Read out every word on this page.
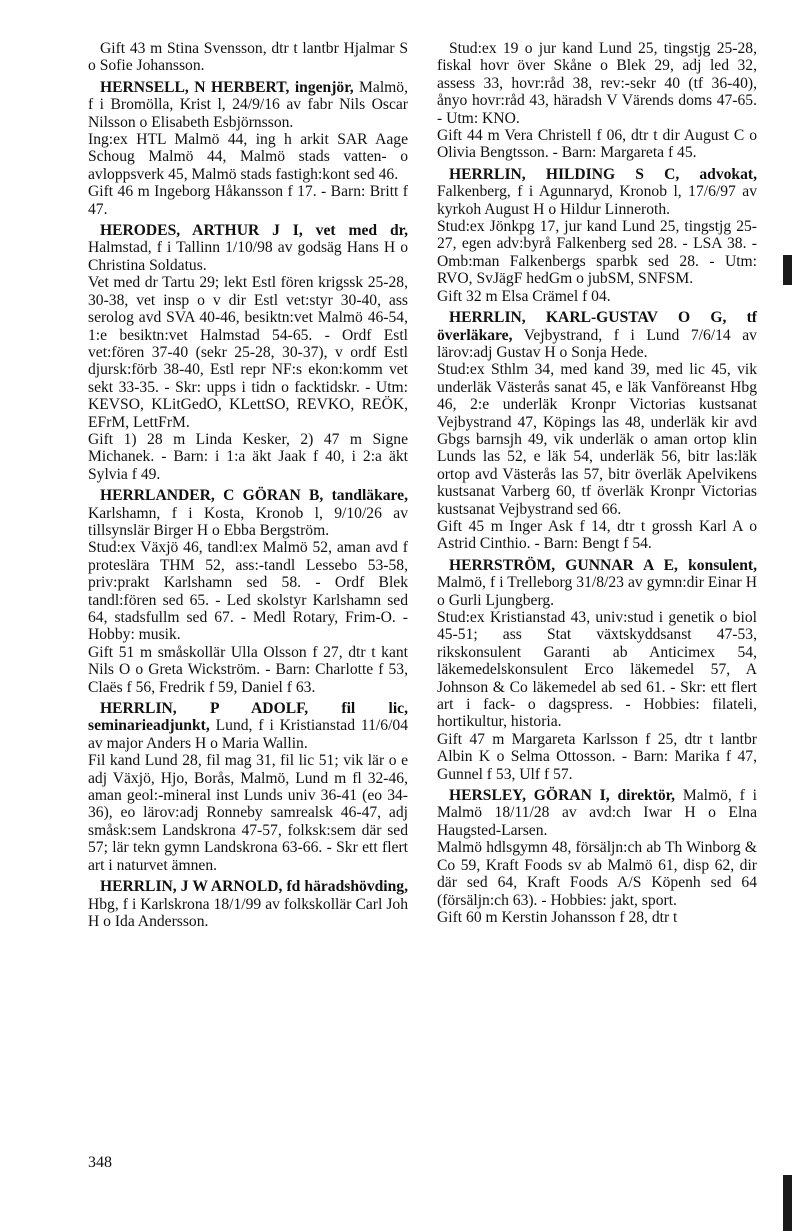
Gift 43 m Stina Svensson, dtr t lantbr Hjalmar S o Sofie Johansson.

HERNSELL, N HERBERT, ingenjör, Malmö, f i Bromölla, Krist l, 24/9/16 av fabr Nils Oscar Nilsson o Elisabeth Esbjörnsson.

Ing:ex HTL Malmö 44, ing h arkit SAR Aage Schoug Malmö 44, Malmö stads vatten- o avloppsverk 45, Malmö stads fastigh:kont sed 46.

Gift 46 m Ingeborg Håkansson f 17. - Barn: Britt f 47.

HERODES, ARTHUR J I, vet med dr, Halmstad, f i Tallinn 1/10/98 av godsäg Hans H o Christina Soldatus.

Vet med dr Tartu 29; lekt Estl fören krigssk 25-28, 30-38, vet insp o v dir Estl vet:styr 30-40, ass serolog avd SVA 40-46, besiktn:vet Malmö 46-54, 1:e besiktn:vet Halmstad 54-65. - Ordf Estl vet:fören 37-40 (sekr 25-28, 30-37), v ordf Estl djursk:förb 38-40, Estl repr NF:s ekon:komm vet sekt 33-35. - Skr: upps i tidn o facktidskr. - Utm: KEVSO, KLitGedO, KLettSO, REVKO, REÖK, EFrM, LettFrM.

Gift 1) 28 m Linda Kesker, 2) 47 m Signe Michanek. - Barn: i 1:a äkt Jaak f 40, i 2:a äkt Sylvia f 49.

HERRLANDER, C GÖRAN B, tandläkare, Karlshamn, f i Kosta, Kronob l, 9/10/26 av tillsynslär Birger H o Ebba Bergström.

Stud:ex Växjö 46, tandl:ex Malmö 52, aman avd f proteslära THM 52, ass:-tandl Lessebo 53-58, priv:prakt Karlshamn sed 58. - Ordf Blek tandl:fören sed 65. - Led skolstyr Karlshamn sed 64, stadsfullm sed 67. - Medl Rotary, Frim-O. - Hobby: musik.

Gift 51 m småskollär Ulla Olsson f 27, dtr t kant Nils O o Greta Wickström. - Barn: Charlotte f 53, Claës f 56, Fredrik f 59, Daniel f 63.

HERRLIN, P ADOLF, fil lic, seminarieadjunkt, Lund, f i Kristianstad 11/6/04 av major Anders H o Maria Wallin.

Fil kand Lund 28, fil mag 31, fil lic 51; vik lär o e adj Växjö, Hjo, Borås, Malmö, Lund m fl 32-46, aman geol:-mineral inst Lunds univ 36-41 (eo 34-36), eo lärov:adj Ronneby samrealsk 46-47, adj småsk:sem Landskrona 47-57, folksk:sem där sed 57; lär tekn gymn Landskrona 63-66. - Skr ett flert art i naturvet ämnen.

HERRLIN, J W ARNOLD, fd häradshövding, Hbg, f i Karlskrona 18/1/99 av folkskollär Carl Joh H o Ida Andersson.

Stud:ex 19 o jur kand Lund 25, tingstjg 25-28, fiskal hovr över Skåne o Blek 29, adj led 32, assess 33, hovr:råd 38, rev:-sekr 40 (tf 36-40), ånyo hovr:råd 43, häradsh V Värends doms 47-65. - Utm: KNO.

Gift 44 m Vera Christell f 06, dtr t dir August C o Olivia Bengtsson. - Barn: Margareta f 45.

HERRLIN, HILDING S C, advokat, Falkenberg, f i Agunnaryd, Kronob l, 17/6/97 av kyrkoh August H o Hildur Linneroth.

Stud:ex Jönkpg 17, jur kand Lund 25, tingstjg 25-27, egen adv:byrå Falkenberg sed 28. - LSA 38. - Omb:man Falkenbergs sparbk sed 28. - Utm: RVO, SvJägF hedGm o jubSM, SNFSM.

Gift 32 m Elsa Crämel f 04.

HERRLIN, KARL-GUSTAV O G, tf överläkare, Vejbystrand, f i Lund 7/6/14 av lärov:adj Gustav H o Sonja Hede.

Stud:ex Sthlm 34, med kand 39, med lic 45, vik underläk Västerås sanat 45, e läk Vanföreanst Hbg 46, 2:e underläk Kronpr Victorias kustsanat Vejbystrand 47, Köpings las 48, underläk kir avd Gbgs barnsjh 49, vik underläk o aman ortop klin Lunds las 52, e läk 54, underläk 56, bitr las:läk ortop avd Västerås las 57, bitr överläk Apelvikens kustsanat Varberg 60, tf överläk Kronpr Victorias kustsanat Vejbystrand sed 66.

Gift 45 m Inger Ask f 14, dtr t grossh Karl A o Astrid Cinthio. - Barn: Bengt f 54.

HERRSTRÖM, GUNNAR A E, konsulent, Malmö, f i Trelleborg 31/8/23 av gymn:dir Einar H o Gurli Ljungberg.

Stud:ex Kristianstad 43, univ:stud i genetik o biol 45-51; ass Stat växtskyddsanst 47-53, rikskonsulent Garanti ab Anticimex 54, läkemedelskonsulent Erco läkemedel 57, A Johnson & Co läkemedel ab sed 61. - Skr: ett flert art i fack- o dagspress. - Hobbies: filateli, hortikultur, historia.

Gift 47 m Margareta Karlsson f 25, dtr t lantbr Albin K o Selma Ottosson. - Barn: Marika f 47, Gunnel f 53, Ulf f 57.

HERSLEY, GÖRAN I, direktör, Malmö, f i Malmö 18/11/28 av avd:ch Iwar H o Elna Haugsted-Larsen.

Malmö hdlsgymn 48, försäljn:ch ab Th Winborg & Co 59, Kraft Foods sv ab Malmö 61, disp 62, dir där sed 64, Kraft Foods A/S Köpenh sed 64 (försäljn:ch 63). - Hobbies: jakt, sport.

Gift 60 m Kerstin Johansson f 28, dtr t

348
